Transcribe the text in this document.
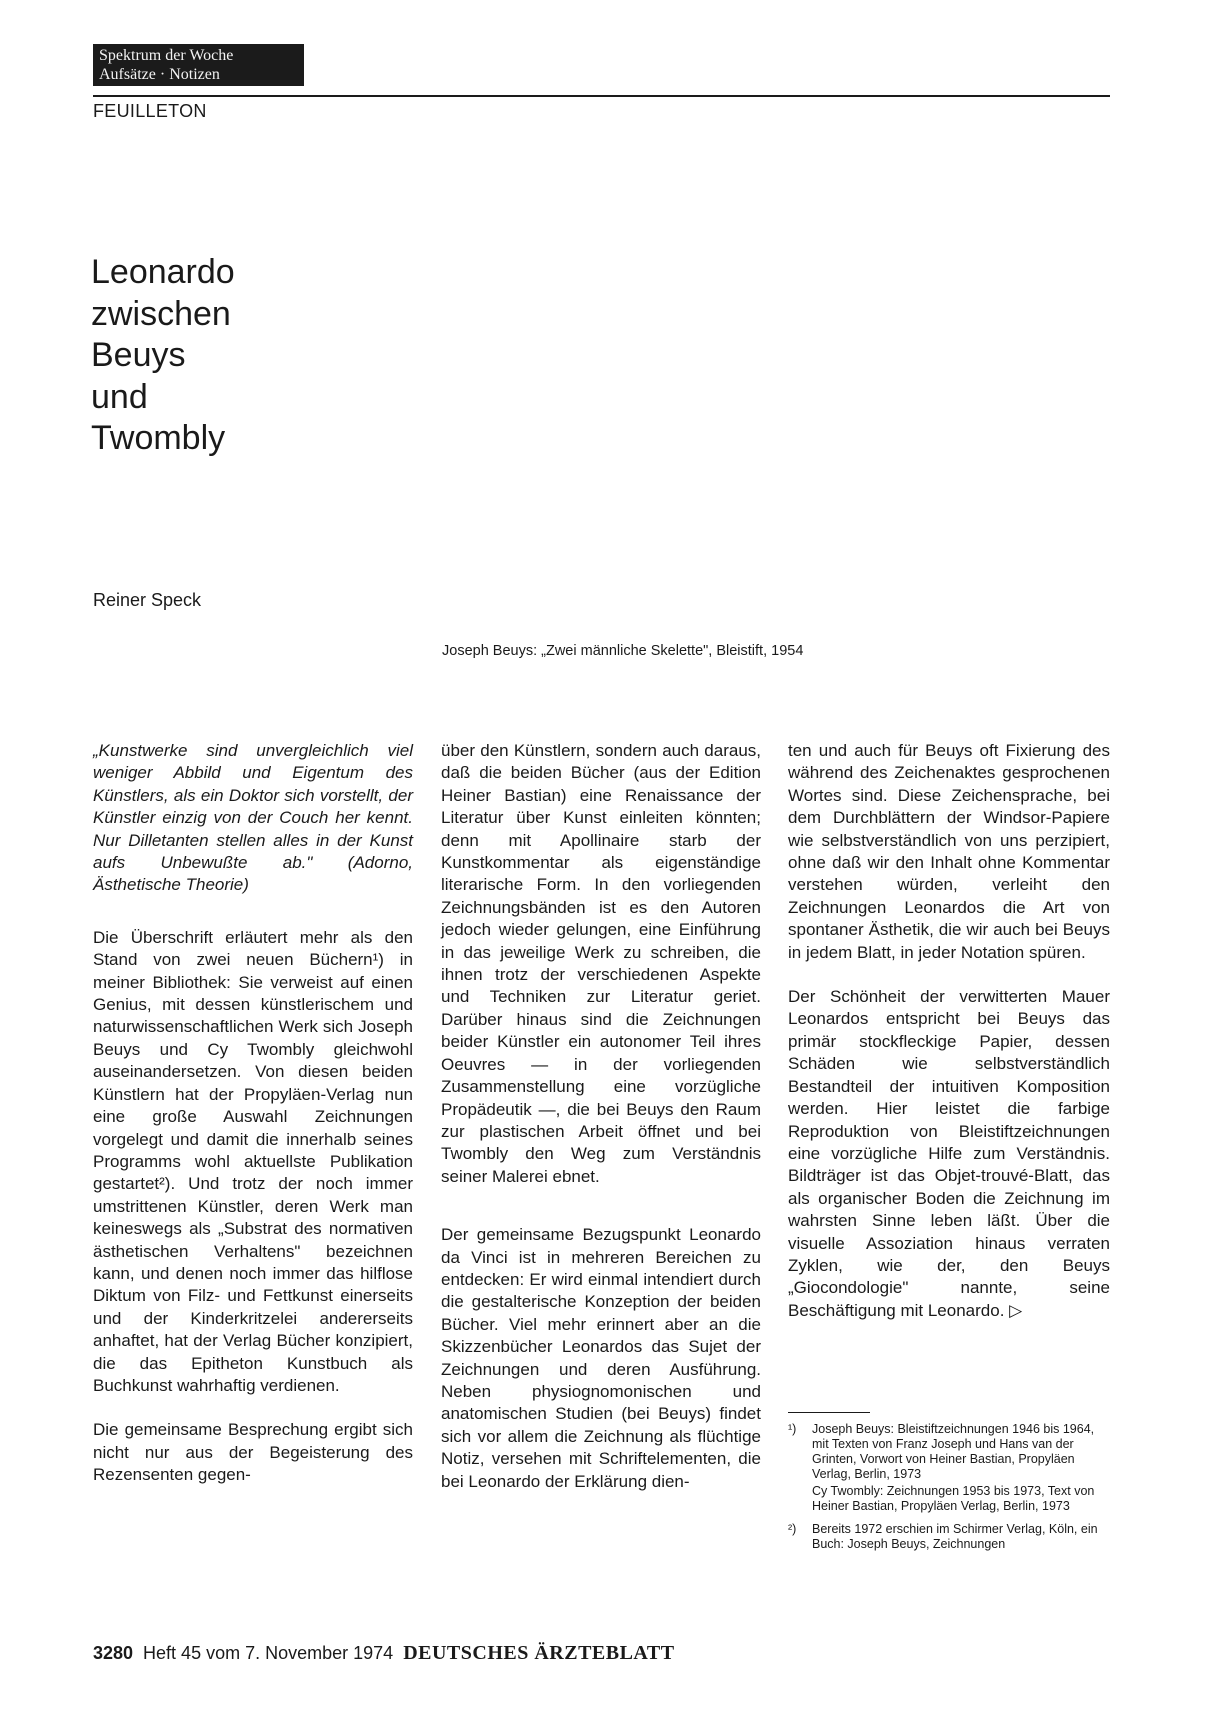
Spektrum der Woche
Aufsätze · Notizen
FEUILLETON
Leonardo
zwischen
Beuys
und
Twombly
Reiner Speck
Joseph Beuys: „Zwei männliche Skelette", Bleistift, 1954

„Kunstwerke sind unvergleichlich viel weniger Abbild und Eigentum des Künstlers, als ein Doktor sich vorstellt, der Künstler einzig von der Couch her kennt. Nur Dilletanten stellen alles in der Kunst aufs Unbewußte ab." (Adorno, Ästhetische Theorie)

Die Überschrift erläutert mehr als den Stand von zwei neuen Büchern¹) in meiner Bibliothek: Sie verweist auf einen Genius, mit dessen künstlerischem und naturwissenschaftlichen Werk sich Joseph Beuys und Cy Twombly gleichwohl auseinandersetzen. Von diesen beiden Künstlern hat der Propyläen-Verlag nun eine große Auswahl Zeichnungen vorgelegt und damit die innerhalb seines Programms wohl aktuellste Publikation gestartet²). Und trotz der noch immer umstrittenen Künstler, deren Werk man keineswegs als „Substrat des normativen ästhetischen Verhaltens" bezeichnen kann, und denen noch immer das hilflose Diktum von Filz- und Fettkunst einerseits und der Kinderkritzelei andererseits anhaftet, hat der Verlag Bücher konzipiert, die das Epitheton Kunstbuch als Buchkunst wahrhaftig verdienen.

Die gemeinsame Besprechung ergibt sich nicht nur aus der Begeisterung des Rezensenten gegen-

über den Künstlern, sondern auch daraus, daß die beiden Bücher (aus der Edition Heiner Bastian) eine Renaissance der Literatur über Kunst einleiten könnten; denn mit Apollinaire starb der Kunstkommentar als eigenständige literarische Form. In den vorliegenden Zeichnungsbänden ist es den Autoren jedoch wieder gelungen, eine Einführung in das jeweilige Werk zu schreiben, die ihnen trotz der verschiedenen Aspekte und Techniken zur Literatur geriet. Darüber hinaus sind die Zeichnungen beider Künstler ein autonomer Teil ihres Oeuvres — in der vorliegenden Zusammenstellung eine vorzügliche Propädeutik —, die bei Beuys den Raum zur plastischen Arbeit öffnet und bei Twombly den Weg zum Verständnis seiner Malerei ebnet.

Der gemeinsame Bezugspunkt Leonardo da Vinci ist in mehreren Bereichen zu entdecken: Er wird einmal intendiert durch die gestalterische Konzeption der beiden Bücher. Viel mehr erinnert aber an die Skizzenbücher Leonardos das Sujet der Zeichnungen und deren Ausführung. Neben physiognomonischen und anatomischen Studien (bei Beuys) findet sich vor allem die Zeichnung als flüchtige Notiz, versehen mit Schriftelementen, die bei Leonardo der Erklärung dien-

ten und auch für Beuys oft Fixierung des während des Zeichenaktes gesprochenen Wortes sind. Diese Zeichensprache, bei dem Durchblättern der Windsor-Papiere wie selbstverständlich von uns perzipiert, ohne daß wir den Inhalt ohne Kommentar verstehen würden, verleiht den Zeichnungen Leonardos die Art von spontaner Ästhetik, die wir auch bei Beuys in jedem Blatt, in jeder Notation spüren.

Der Schönheit der verwitterten Mauer Leonardos entspricht bei Beuys das primär stockfleckige Papier, dessen Schäden wie selbstverständlich Bestandteil der intuitiven Komposition werden. Hier leistet die farbige Reproduktion von Bleistiftzeichnungen eine vorzügliche Hilfe zum Verständnis. Bildträger ist das Objet-trouvé-Blatt, das als organischer Boden die Zeichnung im wahrsten Sinne leben läßt. Über die visuelle Assoziation hinaus verraten Zyklen, wie der, den Beuys „Giocondologie" nannte, seine Beschäftigung mit Leonardo. ▷

¹)	Joseph Beuys: Bleistiftzeichnungen 1946 bis 1964, mit Texten von Franz Joseph und Hans van der Grinten, Vorwort von Heiner Bastian, Propyläen Verlag, Berlin, 1973
Cy Twombly: Zeichnungen 1953 bis 1973, Text von Heiner Bastian, Propyläen Verlag, Berlin, 1973
²)	Bereits 1972 erschien im Schirmer Verlag, Köln, ein Buch: Joseph Beuys, Zeichnungen
3280 Heft 45 vom 7. November 1974 DEUTSCHES ÄRZTEBLATT
